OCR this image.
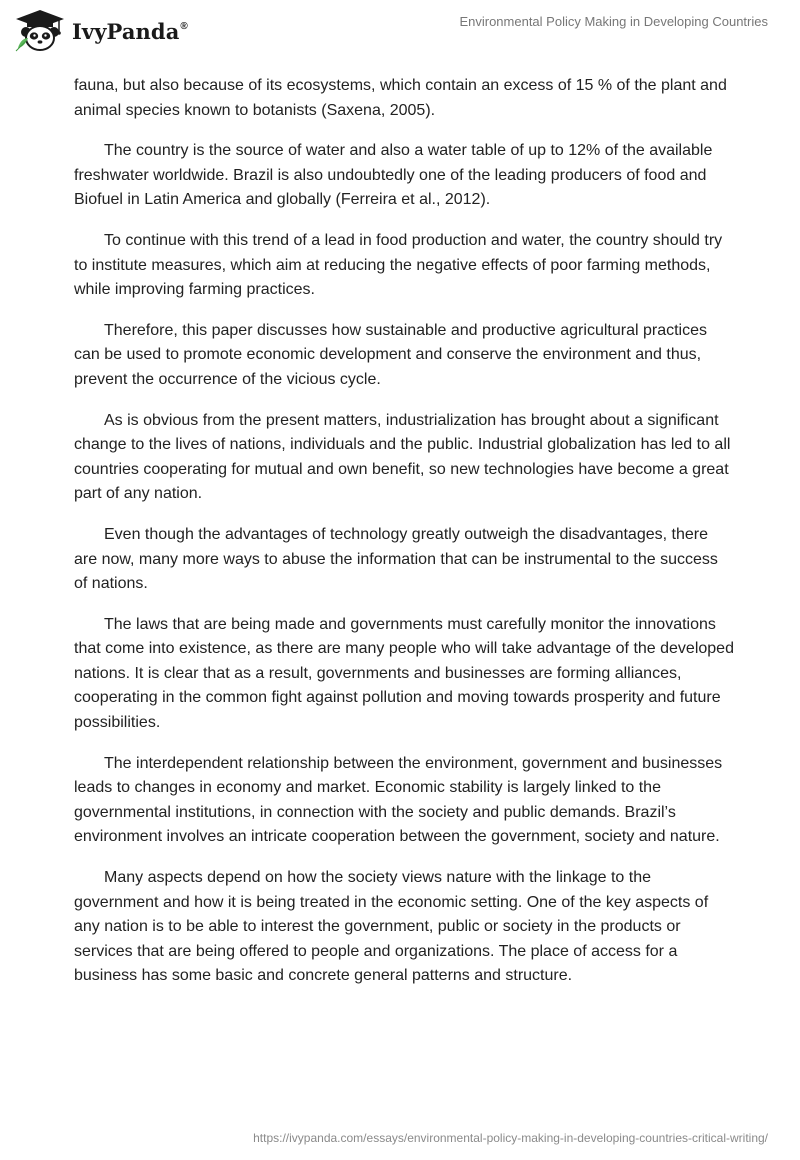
IvyPanda®	Environmental Policy Making in Developing Countries

fauna, but also because of its ecosystems, which contain an excess of 15 % of the plant and animal species known to botanists (Saxena, 2005).

The country is the source of water and also a water table of up to 12% of the available freshwater worldwide. Brazil is also undoubtedly one of the leading producers of food and Biofuel in Latin America and globally (Ferreira et al., 2012).

To continue with this trend of a lead in food production and water, the country should try to institute measures, which aim at reducing the negative effects of poor farming methods, while improving farming practices.

Therefore, this paper discusses how sustainable and productive agricultural practices can be used to promote economic development and conserve the environment and thus, prevent the occurrence of the vicious cycle.

As is obvious from the present matters, industrialization has brought about a significant change to the lives of nations, individuals and the public. Industrial globalization has led to all countries cooperating for mutual and own benefit, so new technologies have become a great part of any nation.

Even though the advantages of technology greatly outweigh the disadvantages, there are now, many more ways to abuse the information that can be instrumental to the success of nations.

The laws that are being made and governments must carefully monitor the innovations that come into existence, as there are many people who will take advantage of the developed nations. It is clear that as a result, governments and businesses are forming alliances, cooperating in the common fight against pollution and moving towards prosperity and future possibilities.

The interdependent relationship between the environment, government and businesses leads to changes in economy and market. Economic stability is largely linked to the governmental institutions, in connection with the society and public demands. Brazil’s environment involves an intricate cooperation between the government, society and nature.

Many aspects depend on how the society views nature with the linkage to the government and how it is being treated in the economic setting. One of the key aspects of any nation is to be able to interest the government, public or society in the products or services that are being offered to people and organizations. The place of access for a business has some basic and concrete general patterns and structure.

https://ivypanda.com/essays/environmental-policy-making-in-developing-countries-critical-writing/
